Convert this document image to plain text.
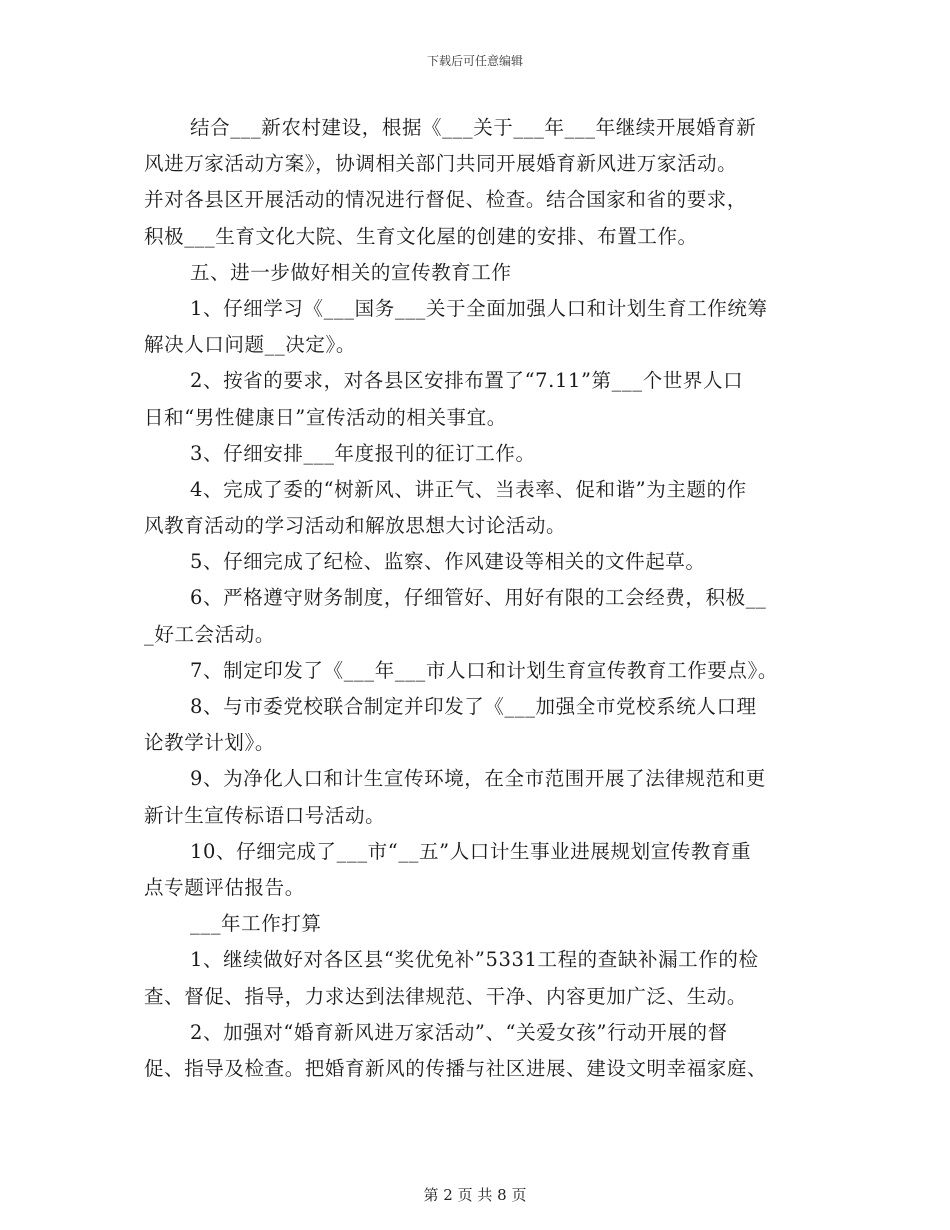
下载后可任意编辑
结合___新农村建设，根据《___关于___年___年继续开展婚育新
风进万家活动方案》，协调相关部门共同开展婚育新风进万家活动。
并对各县区开展活动的情况进行督促、检查。结合国家和省的要求，
积极___生育文化大院、生育文化屋的创建的安排、布置工作。
五、进一步做好相关的宣传教育工作
1、仔细学习《___国务___关于全面加强人口和计划生育工作统筹
解决人口问题__决定》。
2、按省的要求，对各县区安排布置了“7.11”第___个世界人口
日和“男性健康日”宣传活动的相关事宜。
3、仔细安排___年度报刊的征订工作。
4、完成了委的“树新风、讲正气、当表率、促和谐”为主题的作
风教育活动的学习活动和解放思想大讨论活动。
5、仔细完成了纪检、监察、作风建设等相关的文件起草。
6、严格遵守财务制度，仔细管好、用好有限的工会经费，积极__
_好工会活动。
7、制定印发了《___年___市人口和计划生育宣传教育工作要点》。
8、与市委党校联合制定并印发了《___加强全市党校系统人口理
论教学计划》。
9、为净化人口和计生宣传环境，在全市范围开展了法律规范和更
新计生宣传标语口号活动。
10、仔细完成了___市“__五”人口计生事业进展规划宣传教育重
点专题评估报告。
___年工作打算
1、继续做好对各区县“奖优免补”5331工程的查缺补漏工作的检
查、督促、指导，力求达到法律规范、干净、内容更加广泛、生动。
2、加强对“婚育新风进万家活动”、“关爱女孩”行动开展的督
促、指导及检查。把婚育新风的传播与社区进展、建设文明幸福家庭、
第 2 页 共 8 页
